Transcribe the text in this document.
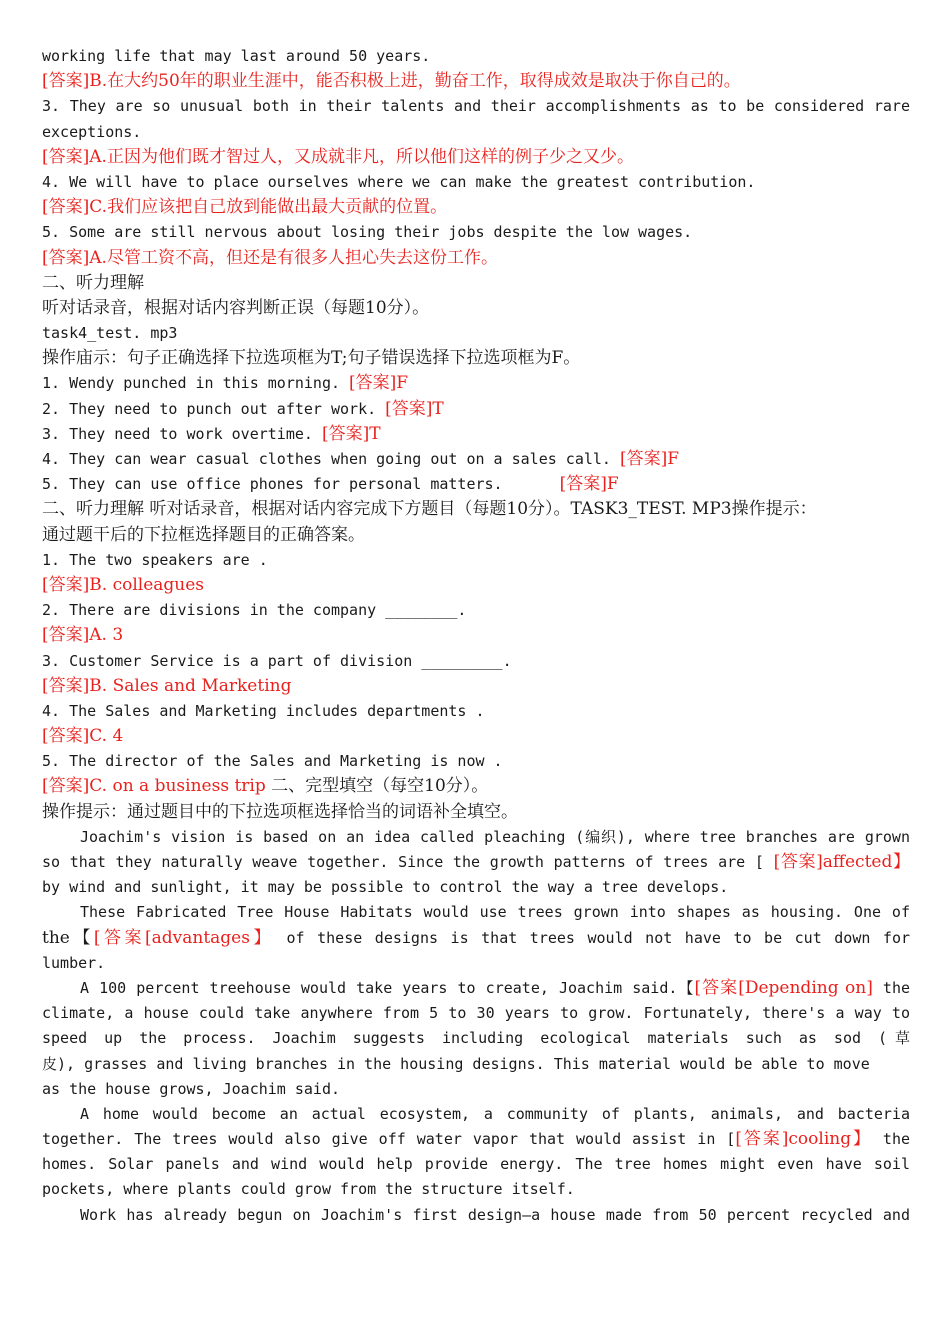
working life that may last around 50 years.
[答案]B.在大约50年的职业生涯中，能否积极上进，勤奋工作，取得成效是取决于你自己的。
3. They are so unusual both in their talents and their accomplishments as to be considered rare
exceptions.
[答案]A.正因为他们既才智过人，又成就非凡，所以他们这样的例子少之又少。
4. We will have to place ourselves where we can make the greatest contribution.
[答案]C.我们应该把自己放到能做出最大贡献的位置。
5. Some are still nervous about losing their jobs despite the low wages.
[答案]A.尽管工资不高，但还是有很多人担心失去这份工作。
二、听力理解
听对话录音，根据对话内容判断正误（每题10分）。
task4_test. mp3
操作庙示：句子正确选择下拉选项框为T;句子错误选择下拉选项框为F。
1. Wendy punched in this morning. [答案]F
2. They need to punch out after work. [答案]T
3. They need to work overtime. [答案]T
4. They can wear casual clothes when going out on a sales call. [答案]F
5. They can use office phones for personal matters.	[答案]F
二、听力理解 听对话录音，根据对话内容完成下方题目（每题10分）。TASK3_TEST. MP3操作提示：
通过题干后的下拉框选择题目的正确答案。
1. The two speakers are .
[答案]B. colleagues
2. There are divisions in the company ________.
[答案]A. 3
3. Customer Service is a part of division _________.
[答案]B. Sales and Marketing
4. The Sales and Marketing includes departments .
[答案]C. 4
5. The director of the Sales and Marketing is now .
[答案]C. on a business trip 二、完型填空（每空10分）。
操作提示：通过题目中的下拉选项框选择恰当的词语补全填空。
Joachim's vision is based on an idea called pleaching (编织), where tree branches are grown
so that they naturally weave together. Since the growth patterns of trees are [ [答案]affected】
by wind and sunlight, it may be possible to control the way a tree develops.
These Fabricated Tree House Habitats would use trees grown into shapes as housing. One of
the【[答案[advantages】 of these designs is that trees would not have to be cut down for
lumber.
A 100 percent treehouse would take years to create, Joachim said.【[答案[Depending on] the
climate, a house could take anywhere from 5 to 30 years to grow. Fortunately, there's a way to
speed up the process. Joachim suggests including ecological materials such as sod (草
皮), grasses and living branches in the housing designs. This material would be able to move
as the house grows, Joachim said.
A home would become an actual ecosystem, a community of plants, animals, and bacteria
together. The trees would also give off water vapor that would assist in [[答案]cooling】 the
homes. Solar panels and wind would help provide energy. The tree homes might even have soil
pockets, where plants could grow from the structure itself.
Work has already begun on Joachim's first design—a house made from 50 percent recycled and
